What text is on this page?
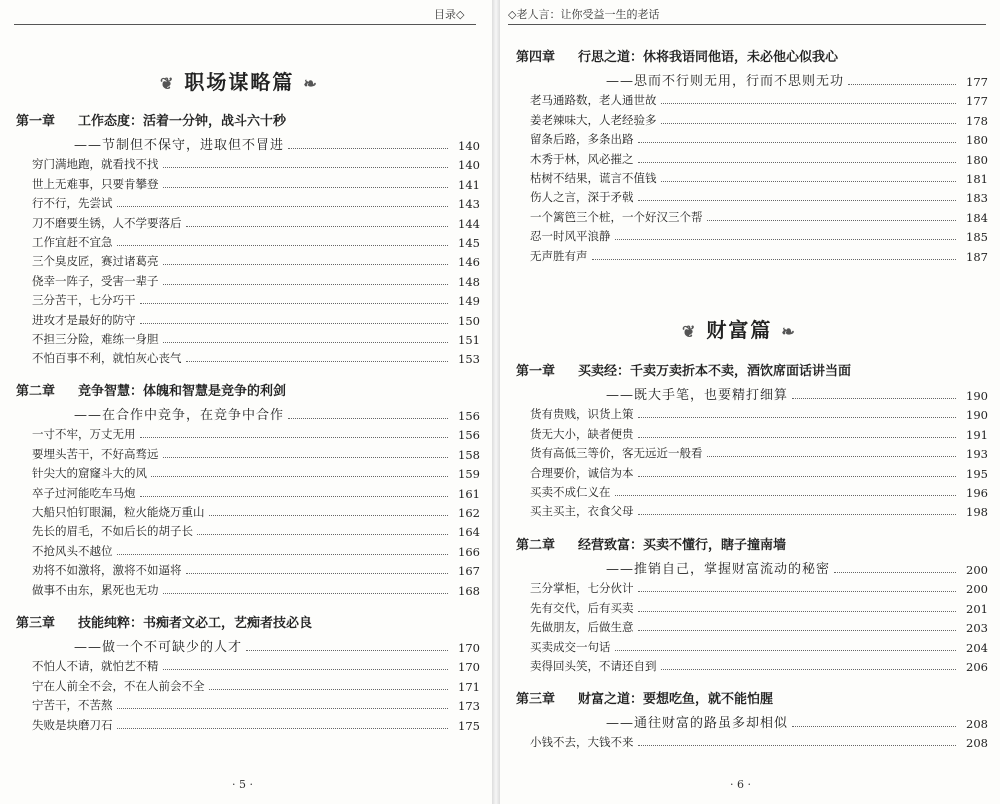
目录◇
❦ 职场谋略篇 ❧
第一章 工作态度：活着一分钟，战斗六十秒
——节制但不保守，进取但不冒进	140
穷门满地跑，就看找不找	140
世上无难事，只要肯攀登	141
行不行，先尝试	143
刀不磨要生锈，人不学要落后	144
工作宜赶不宜急	145
三个臭皮匠，赛过诸葛亮	146
侥幸一阵子，受害一辈子	148
三分苦干，七分巧干	149
进攻才是最好的防守	150
不担三分险，难练一身胆	151
不怕百事不利，就怕灰心丧气	153
第二章 竞争智慧：体魄和智慧是竞争的利剑
——在合作中竞争，在竞争中合作	156
一寸不牢，万丈无用	156
要埋头苦干，不好高骛远	158
针尖大的窟窿斗大的风	159
卒子过河能吃车马炮	161
大船只怕钉眼漏，粒火能烧万重山	162
先长的眉毛，不如后长的胡子长	164
不抢风头不越位	166
劝将不如激将，激将不如逼将	167
做事不由东，累死也无功	168
第三章 技能纯粹：书痴者文必工，艺痴者技必良
——做一个不可缺少的人才	170
不怕人不请，就怕艺不精	170
宁在人前全不会，不在人前会不全	171
宁苦干，不苦熬	173
失败是块磨刀石	175
· 5 ·
◇老人言：让你受益一生的老话
❦ 财富篇 ❧
第四章 行思之道：休将我语同他语，未必他心似我心
——思而不行则无用，行而不思则无功	177
老马通路数，老人通世故	177
姜老辣味大，人老经验多	178
留条后路，多条出路	180
木秀于林，风必摧之	180
枯树不结果，谎言不值钱	181
伤人之言，深于矛戟	183
一个篱笆三个桩，一个好汉三个帮	184
忍一时风平浪静	185
无声胜有声	187
第一章 买卖经：千卖万卖折本不卖，酒饮席面话讲当面
——既大手笔，也要精打细算	190
货有贵贱，识货上策	190
货无大小，缺者便贵	191
货有高低三等价，客无远近一般看	193
合理要价，诚信为本	195
买卖不成仁义在	196
买主买主，衣食父母	198
第二章 经营致富：买卖不懂行，瞎子撞南墙
——推销自己，掌握财富流动的秘密	200
三分掌柜，七分伙计	200
先有交代，后有买卖	201
先做朋友，后做生意	203
买卖成交一句话	204
卖得回头笑，不请还自到	206
第三章 财富之道：要想吃鱼，就不能怕腥
——通往财富的路虽多却相似	208
小钱不去，大钱不来	208
· 6 ·
